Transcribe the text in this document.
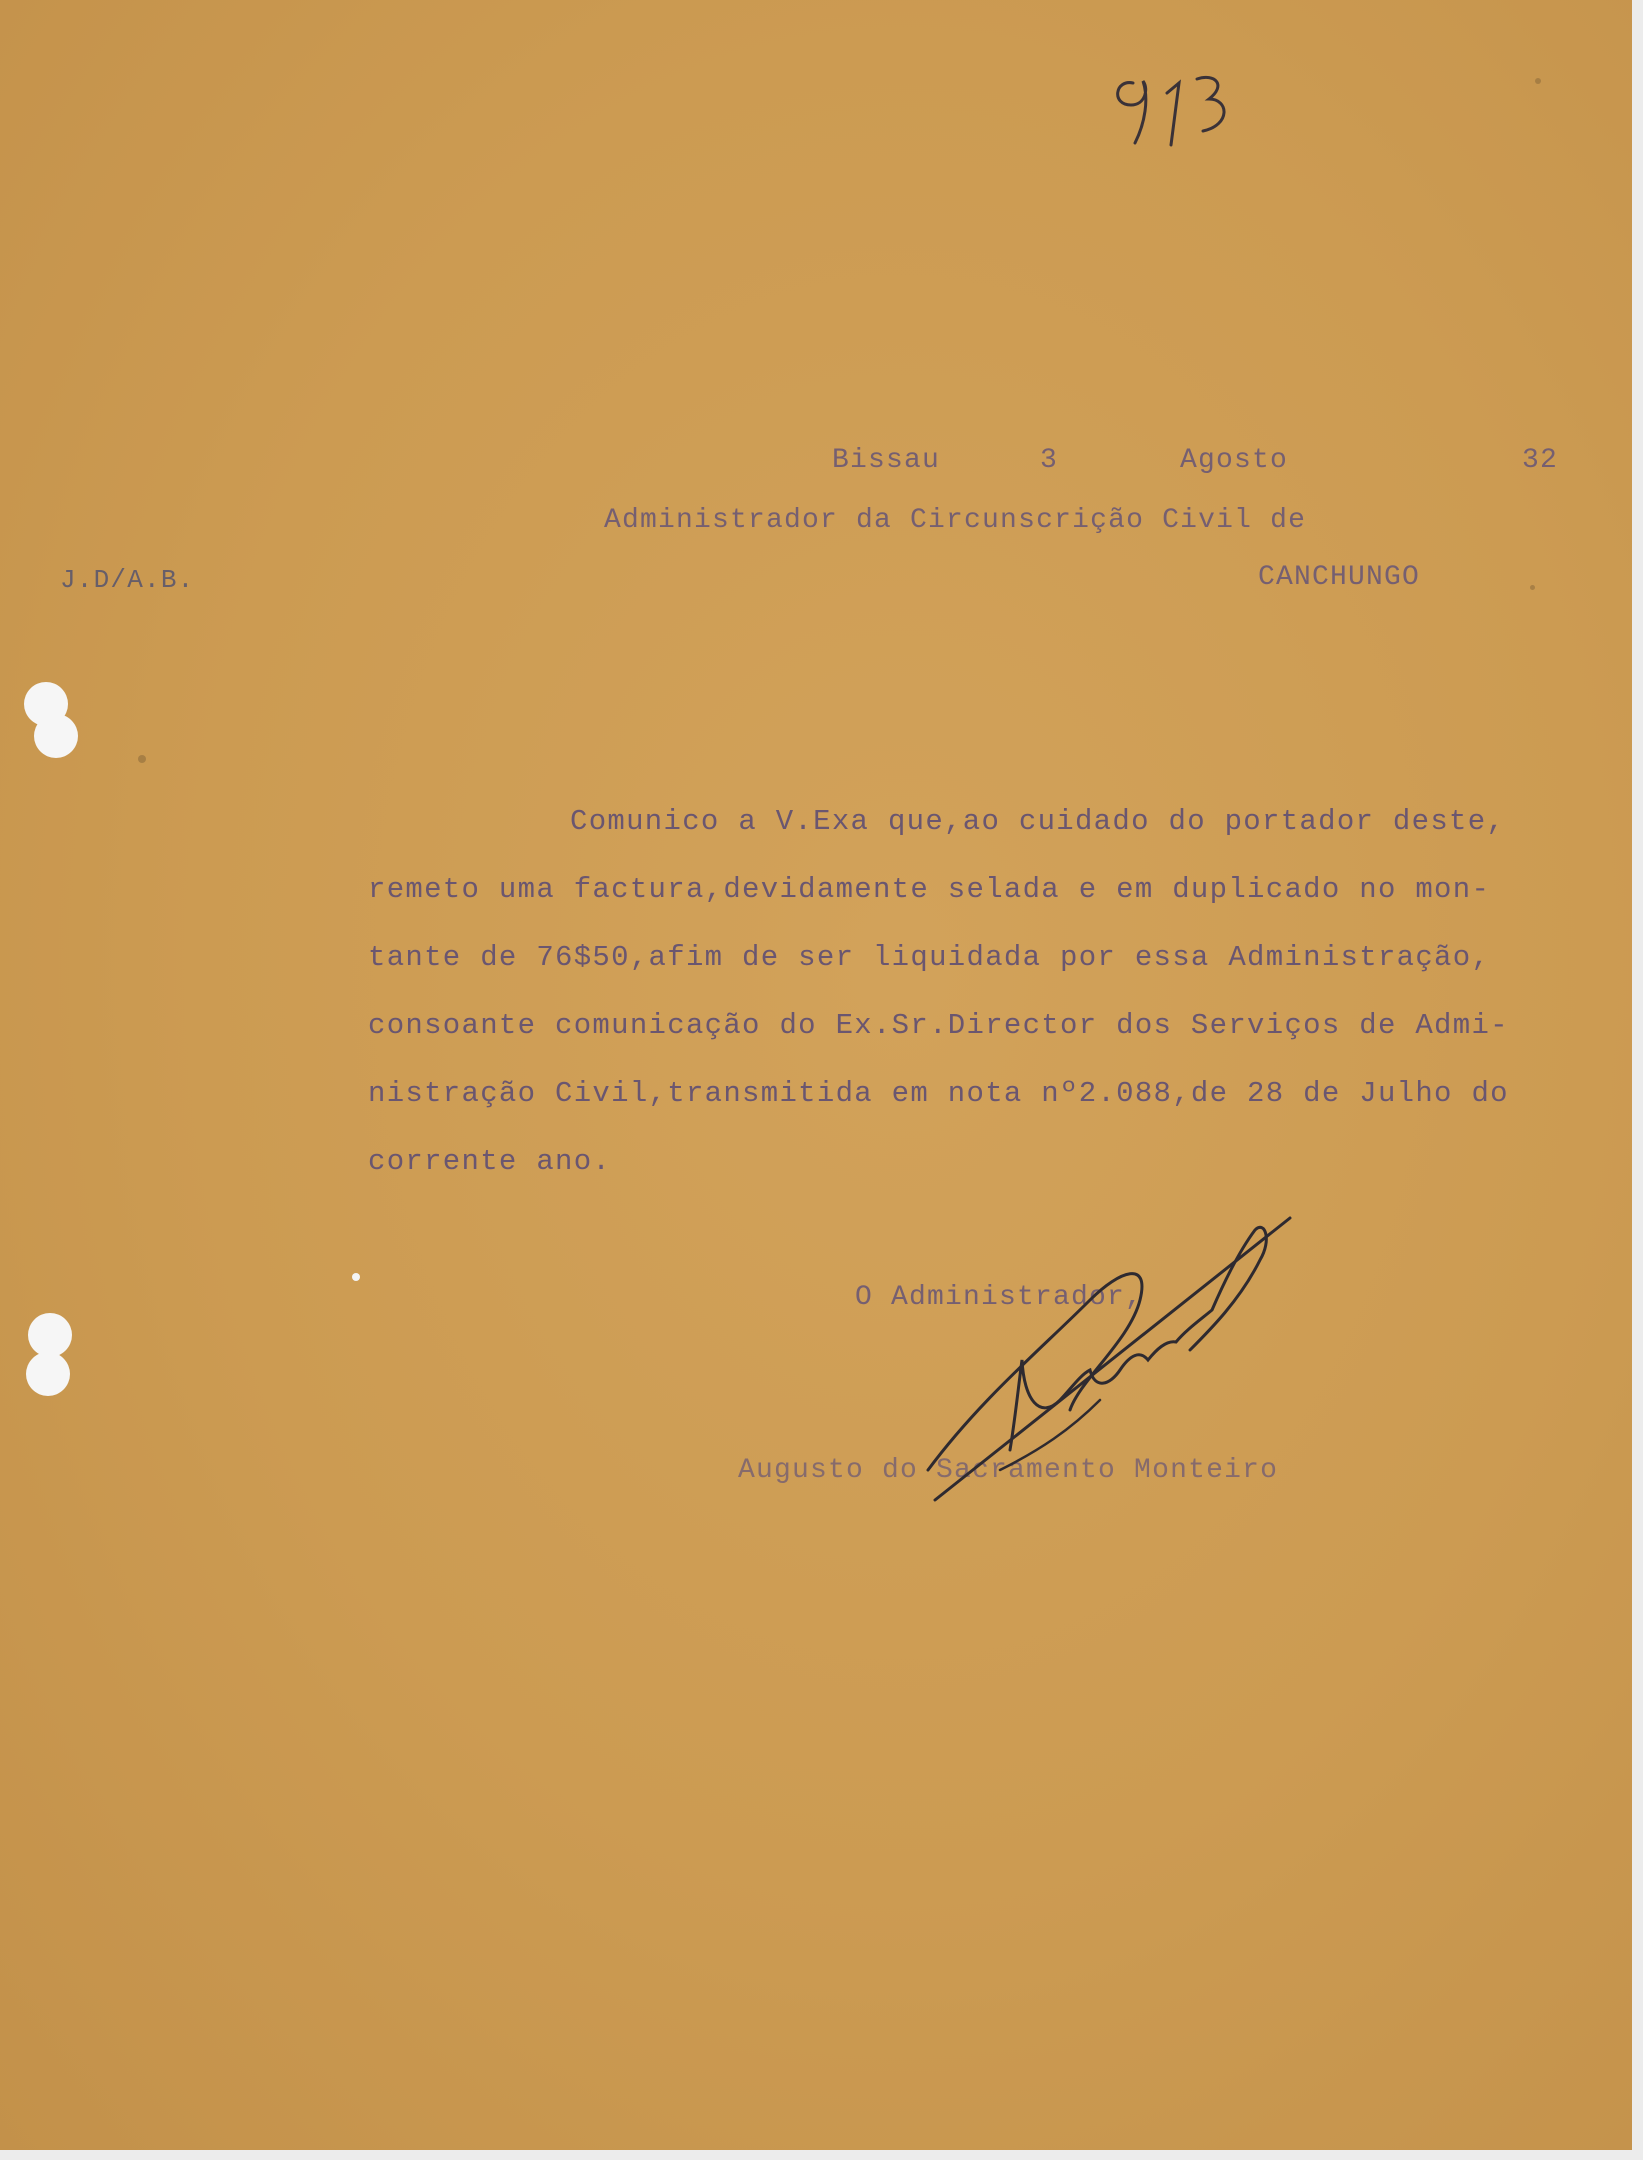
Bissau	3	Agosto	32
Administrador da Circunscrição Civil de
CANCHUNGO
J.D/A.B.
Comunico a V.Exa que,ao cuidado do portador deste,
remeto uma factura,devidamente selada e em duplicado no mon-
tante de 76$50,afim de ser liquidada por essa Administração,
consoante comunicação do Ex.Sr.Director dos Serviços de Admi-
nistração Civil,transmitida em nota nº2.088,de 28 de Julho do
corrente ano.
O Administrador,
Augusto do Sacramento Monteiro
